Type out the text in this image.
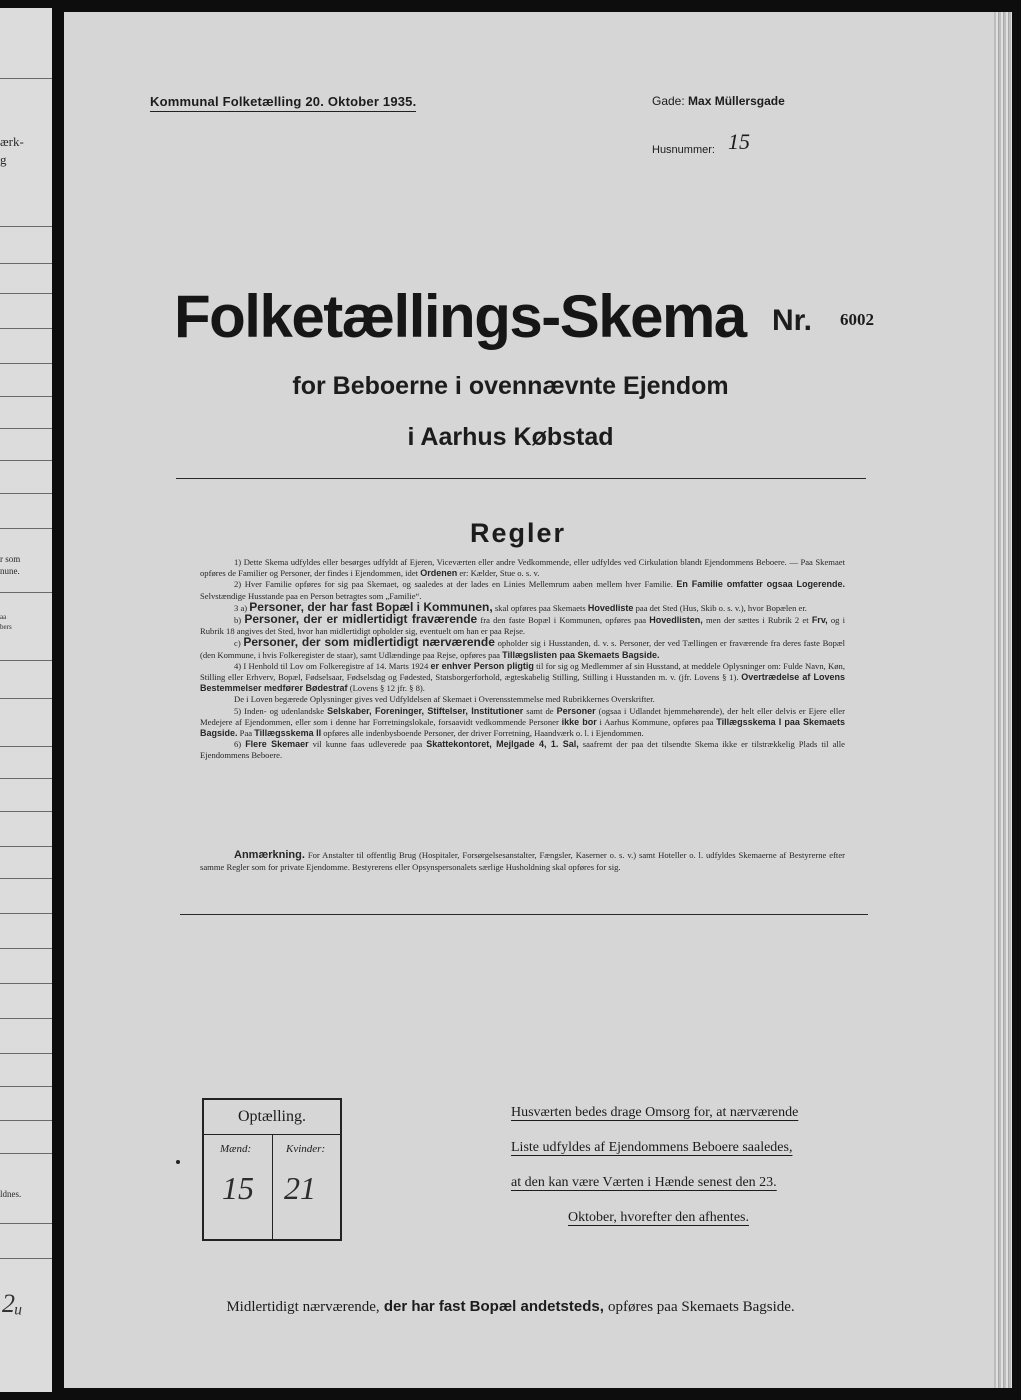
ærk-
g
r som
nune.
aa
bers
ldnes.
2ᵤ
Kommunal Folketælling 20. Oktober 1935.	Gade: Max Müllersgade
Husnummer: 15
Folketællings-Skema Nr. 6002
for Beboerne i ovennævnte Ejendom
i Aarhus Købstad
Regler

1) Dette Skema udfyldes eller besørges udfyldt af Ejeren, Viceværten eller andre Vedkommende, eller udfyldes ved Cirkulation blandt Ejendommens Beboere. — Paa Skemaet opføres de Familier og Personer, der findes i Ejendommen, idet Ordenen er: Kælder, Stue o. s. v.

2) Hver Familie opføres for sig paa Skemaet, og saaledes at der lades en Linies Mellemrum aaben mellem hver Familie. En Familie omfatter ogsaa Logerende. Selvstændige Husstande paa en Person betragtes som „Familie“.

3 a) Personer, der har fast Bopæl i Kommunen, skal opføres paa Skemaets Hovedliste paa det Sted (Hus, Skib o. s. v.), hvor Bopælen er.

b) Personer, der er midlertidigt fraværende fra den faste Bopæl i Kommunen, opføres paa Hovedlisten, men der sættes i Rubrik 2 et Frv, og i Rubrik 18 angives det Sted, hvor han midlertidigt opholder sig, eventuelt om han er paa Rejse.

c) Personer, der som midlertidigt nærværende opholder sig i Husstanden, d. v. s. Personer, der ved Tællingen er fraværende fra deres faste Bopæl (den Kommune, i hvis Folkeregister de staar), samt Udlændinge paa Rejse, opføres paa Tillægslisten paa Skemaets Bagside.

4) I Henhold til Lov om Folkeregistre af 14. Marts 1924 er enhver Person pligtig til for sig og Medlemmer af sin Husstand, at meddele Oplysninger om: Fulde Navn, Køn, Stilling eller Erhverv, Bopæl, Fødselsaar, Fødselsdag og Fødested, Statsborgerforhold, ægteskabelig Stilling, Stilling i Husstanden m. v. (jfr. Lovens § 1). Overtrædelse af Lovens Bestemmelser medfører Bødestraf (Lovens § 12 jfr. § 8).

De i Loven begærede Oplysninger gives ved Udfyldelsen af Skemaet i Overensstemmelse med Rubrikkernes Overskrifter.

5) Inden- og udenlandske Selskaber, Foreninger, Stiftelser, Institutioner samt de Personer (ogsaa i Udlandet hjemmehørende), der helt eller delvis er Ejere eller Medejere af Ejendommen, eller som i denne har Forretningslokale, forsaavidt vedkommende Personer ikke bor i Aarhus Kommune, opføres paa Tillægsskema I paa Skemaets Bagside. Paa Tillægsskema II opføres alle indenbysboende Personer, der driver Forretning, Haandværk o. l. i Ejendommen.

6) Flere Skemaer vil kunne faas udleverede paa Skattekontoret, Mejlgade 4, 1. Sal, saafremt der paa det tilsendte Skema ikke er tilstrækkelig Plads til alle Ejendommens Beboere.

Anmærkning. For Anstalter til offentlig Brug (Hospitaler, Forsørgelsesanstalter, Fængsler, Kaserner o. s. v.) samt Hoteller o. l. udfyldes Skemaerne af Bestyrerne efter samme Regler som for private Ejendomme. Bestyrerens eller Opsynspersonalets særlige Husholdning skal opføres for sig.
Optælling.
Mænd:	Kvinder:
15 21
Husværten bedes drage Omsorg for, at nærværende
Liste udfyldes af Ejendommens Beboere saaledes,
at den kan være Værten i Hænde senest den 23.
Oktober, hvorefter den afhentes.
Midlertidigt nærværende, der har fast Bopæl andetsteds, opføres paa Skemaets Bagside.
